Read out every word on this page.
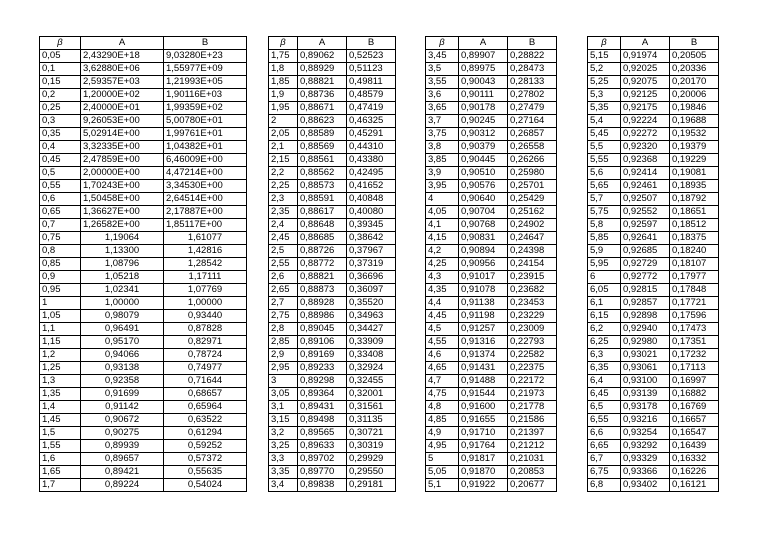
β	A	B
0,05	2,43290E+18	9,03280E+23
0,1	3,62880E+06	1,55977E+09
0,15	2,59357E+03	1,21993E+05
0,2	1,20000E+02	1,90116E+03
0,25	2,40000E+01	1,99359E+02
0,3	9,26053E+00	5,00780E+01
0,35	5,02914E+00	1,99761E+01
0,4	3,32335E+00	1,04382E+01
0,45	2,47859E+00	6,46009E+00
0,5	2,00000E+00	4,47214E+00
0,55	1,70243E+00	3,34530E+00
0,6	1,50458E+00	2,64514E+00
0,65	1,36627E+00	2,17887E+00
0,7	1,26582E+00	1,85117E+00
0,75	1,19064	1,61077
0,8	1,13300	1,42816
0,85	1,08796	1,28542
0,9	1,05218	1,17111
0,95	1,02341	1,07769
1	1,00000	1,00000
1,05	0,98079	0,93440
1,1	0,96491	0,87828
1,15	0,95170	0,82971
1,2	0,94066	0,78724
1,25	0,93138	0,74977
1,3	0,92358	0,71644
1,35	0,91699	0,68657
1,4	0,91142	0,65964
1,45	0,90672	0,63522
1,5	0,90275	0,61294
1,55	0,89939	0,59252
1,6	0,89657	0,57372
1,65	0,89421	0,55635
1,7	0,89224	0,54024
β	A	B
1,75	0,89062	0,52523
1,8	0,88929	0,51123
1,85	0,88821	0,49811
1,9	0,88736	0,48579
1,95	0,88671	0,47419
2	0,88623	0,46325
2,05	0,88589	0,45291
2,1	0,88569	0,44310
2,15	0,88561	0,43380
2,2	0,88562	0,42495
2,25	0,88573	0,41652
2,3	0,88591	0,40848
2,35	0,88617	0,40080
2,4	0,88648	0,39345
2,45	0,88685	0,38642
2,5	0,88726	0,37967
2,55	0,88772	0,37319
2,6	0,88821	0,36696
2,65	0,88873	0,36097
2,7	0,88928	0,35520
2,75	0,88986	0,34963
2,8	0,89045	0,34427
2,85	0,89106	0,33909
2,9	0,89169	0,33408
2,95	0,89233	0,32924
3	0,89298	0,32455
3,05	0,89364	0,32001
3,1	0,89431	0,31561
3,15	0,89498	0,31135
3,2	0,89565	0,30721
3,25	0,89633	0,30319
3,3	0,89702	0,29929
3,35	0,89770	0,29550
3,4	0,89838	0,29181
β	A	B
3,45	0,89907	0,28822
3,5	0,89975	0,28473
3,55	0,90043	0,28133
3,6	0,90111	0,27802
3,65	0,90178	0,27479
3,7	0,90245	0,27164
3,75	0,90312	0,26857
3,8	0,90379	0,26558
3,85	0,90445	0,26266
3,9	0,90510	0,25980
3,95	0,90576	0,25701
4	0,90640	0,25429
4,05	0,90704	0,25162
4,1	0,90768	0,24902
4,15	0,90831	0,24647
4,2	0,90894	0,24398
4,25	0,90956	0,24154
4,3	0,91017	0,23915
4,35	0,91078	0,23682
4,4	0,91138	0,23453
4,45	0,91198	0,23229
4,5	0,91257	0,23009
4,55	0,91316	0,22793
4,6	0,91374	0,22582
4,65	0,91431	0,22375
4,7	0,91488	0,22172
4,75	0,91544	0,21973
4,8	0,91600	0,21778
4,85	0,91655	0,21586
4,9	0,91710	0,21397
4,95	0,91764	0,21212
5	0,91817	0,21031
5,05	0,91870	0,20853
5,1	0,91922	0,20677
β	A	B
5,15	0,91974	0,20505
5,2	0,92025	0,20336
5,25	0,92075	0,20170
5,3	0,92125	0,20006
5,35	0,92175	0,19846
5,4	0,92224	0,19688
5,45	0,92272	0,19532
5,5	0,92320	0,19379
5,55	0,92368	0,19229
5,6	0,92414	0,19081
5,65	0,92461	0,18935
5,7	0,92507	0,18792
5,75	0,92552	0,18651
5,8	0,92597	0,18512
5,85	0,92641	0,18375
5,9	0,92685	0,18240
5,95	0,92729	0,18107
6	0,92772	0,17977
6,05	0,92815	0,17848
6,1	0,92857	0,17721
6,15	0,92898	0,17596
6,2	0,92940	0,17473
6,25	0,92980	0,17351
6,3	0,93021	0,17232
6,35	0,93061	0,17113
6,4	0,93100	0,16997
6,45	0,93139	0,16882
6,5	0,93178	0,16769
6,55	0,93216	0,16657
6,6	0,93254	0,16547
6,65	0,93292	0,16439
6,7	0,93329	0,16332
6,75	0,93366	0,16226
6,8	0,93402	0,16121
